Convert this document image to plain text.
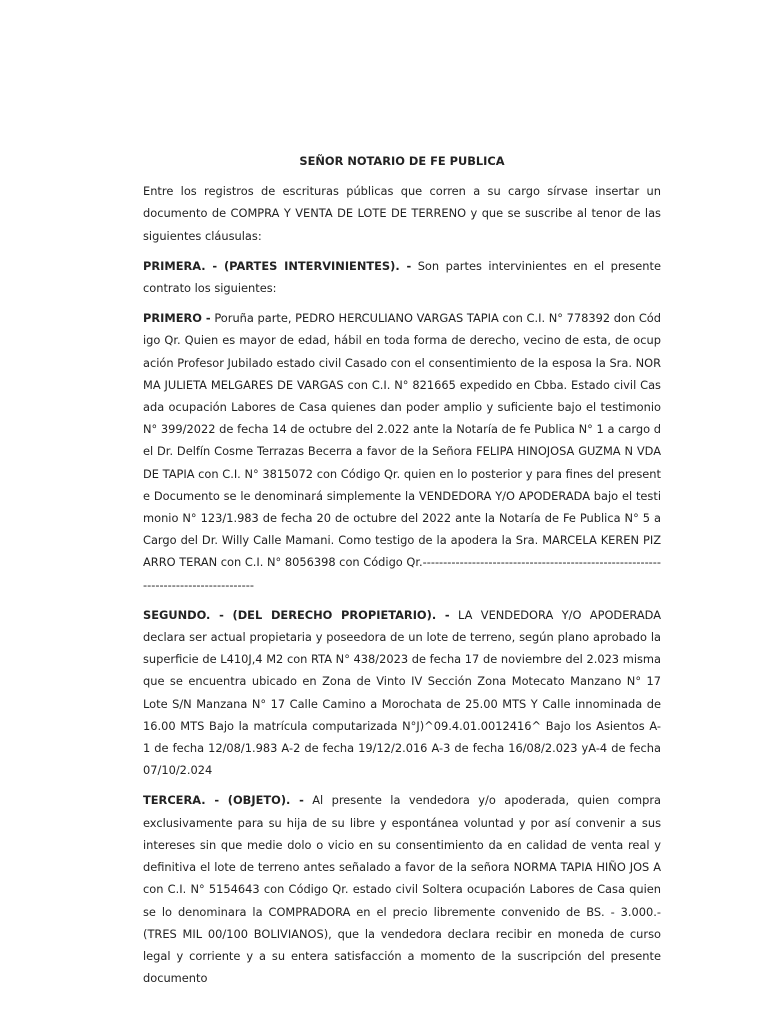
SEÑOR NOTARIO DE FE PUBLICA

Entre los registros de escrituras públicas que corren a su cargo sírvase insertar un documento de COMPRA Y VENTA DE LOTE DE TERRENO y que se suscribe al tenor de las siguientes cláusulas:

PRIMERA. - (PARTES INTERVINIENTES). - Son partes intervinientes en el presente contrato los siguientes:

PRIMERO - Poruña parte, PEDRO HERCULIANO VARGAS TAPIA con C.I. N° 778392 don Código Qr. Quien es mayor de edad, hábil en toda forma de derecho, vecino de esta, de ocupación Profesor Jubilado estado civil Casado con el consentimiento de la esposa la Sra. NORMA JULIETA MELGARES DE VARGAS con C.I. N° 821665 expedido en Cbba. Estado civil Casada ocupación Labores de Casa quienes dan poder amplio y suficiente bajo el testimonio N° 399/2022 de fecha 14 de octubre del 2.022 ante la Notaría de fe Publica N° 1 a cargo del Dr. Delfín Cosme Terrazas Becerra a favor de la Señora FELIPA HINOJOSA GUZMA N VDA DE TAPIA con C.I. N° 3815072 con Código Qr. quien en lo posterior y para fines del presente Documento se le denominará simplemente la VENDEDORA Y/O APODERADA bajo el testimonio N° 123/1.983 de fecha 20 de octubre del 2022 ante la Notaría de Fe Publica N° 5 a Cargo del Dr. Willy Calle Mamani. Como testigo de la apodera la Sra. MARCELA KEREN PIZARRO TERAN con C.I. N° 8056398 con Código Qr.-------------------------------------------------------------------------------------

SEGUNDO. - (DEL DERECHO PROPIETARIO). - LA VENDEDORA Y/O APODERADA declara ser actual propietaria y poseedora de un lote de terreno, según plano aprobado la superficie de L410J,4 M2 con RTA N° 438/2023 de fecha 17 de noviembre del 2.023 misma que se encuentra ubicado en Zona de Vinto IV Sección Zona Motecato Manzano N° 17 Lote S/N Manzana N° 17 Calle Camino a Morochata de 25.00 MTS Y Calle innominada de 16.00 MTS Bajo la matrícula computarizada N°J)^09.4.01.0012416^ Bajo los Asientos A- 1 de fecha 12/08/1.983 A-2 de fecha 19/12/2.016 A-3 de fecha 16/08/2.023 yA-4 de fecha 07/10/2.024

TERCERA. - (OBJETO). - Al presente la vendedora y/o apoderada, quien compra exclusivamente para su hija de su libre y espontánea voluntad y por así convenir a sus intereses sin que medie dolo o vicio en su consentimiento da en calidad de venta real y definitiva el lote de terreno antes señalado a favor de la señora NORMA TAPIA HIÑO JOS A con C.I. N° 5154643 con Código Qr. estado civil Soltera ocupación Labores de Casa quien se lo denominara la COMPRADORA en el precio libremente convenido de BS. - 3.000.- (TRES MIL 00/100 BOLIVIANOS), que la vendedora declara recibir en moneda de curso legal y corriente y a su entera satisfacción a momento de la suscripción del presente documento
